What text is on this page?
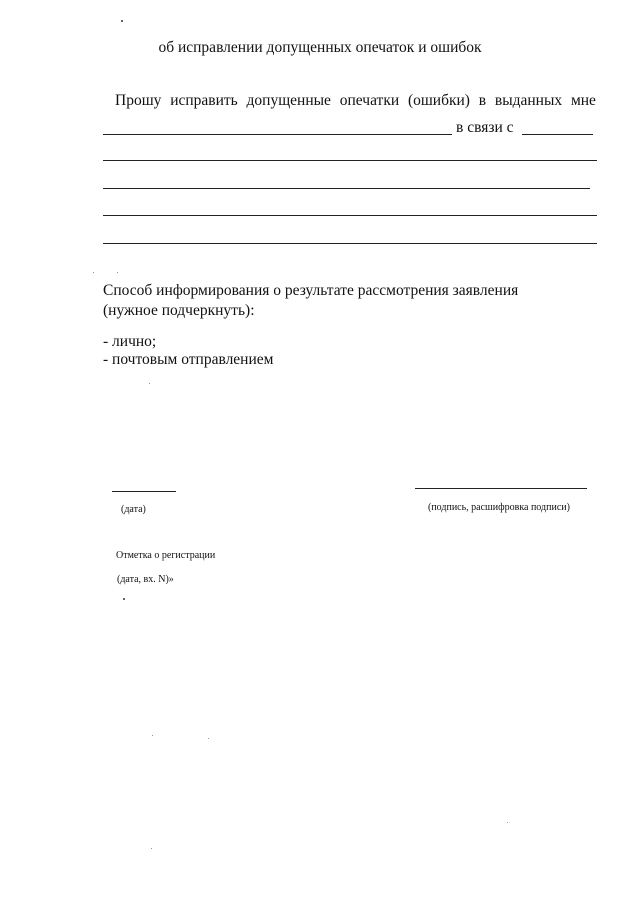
об исправлении допущенных опечаток и ошибок

Прошу исправить допущенные опечатки (ошибки) в выданных мне
в связи с
Способ информирования о результате рассмотрения заявления
(нужное подчеркнуть):
- лично;
- почтовым отправлением
(дата)	(подпись, расшифровка подписи)
Отметка о регистрации
(дата, вх. N)»
